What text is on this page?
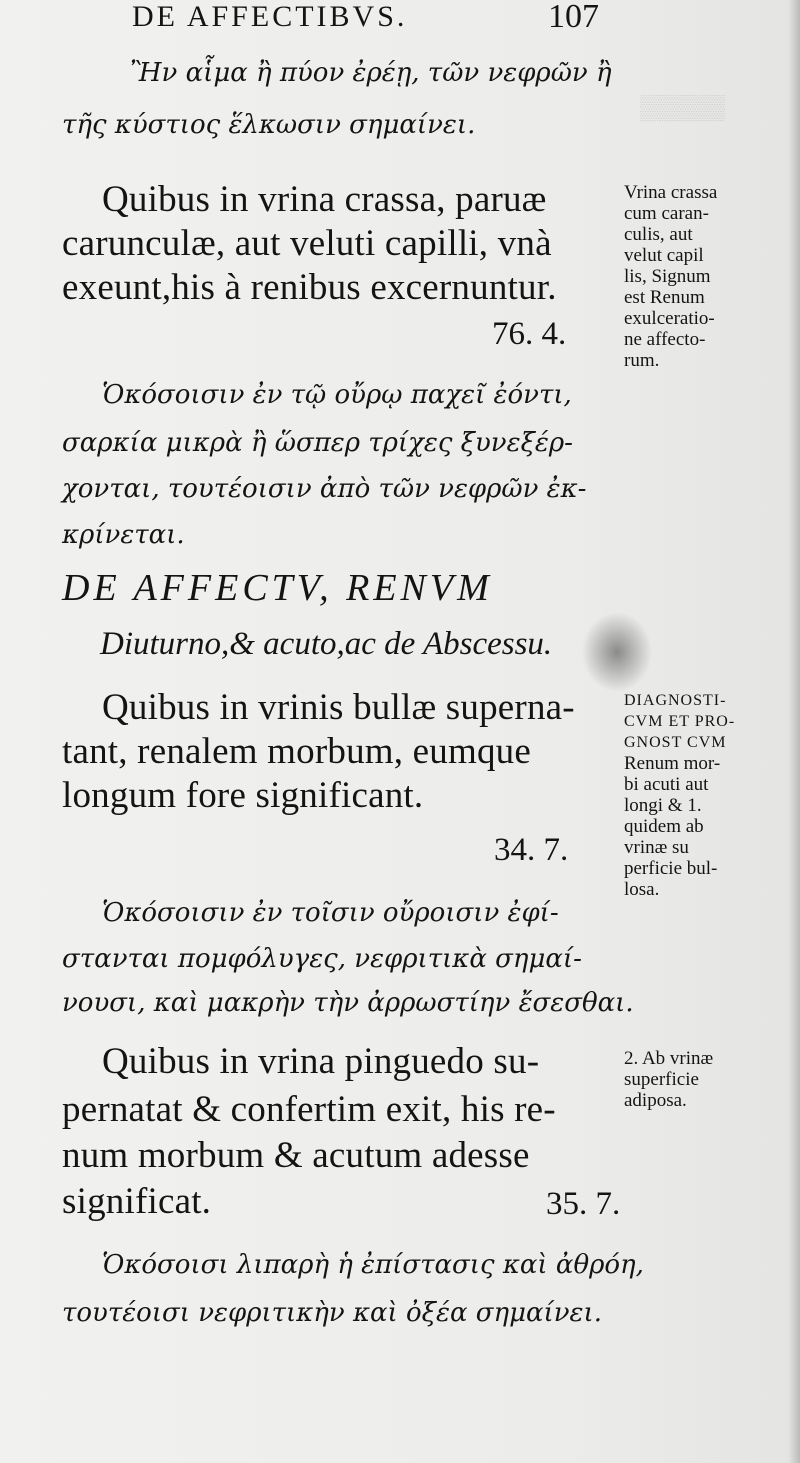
▒▒▒▒▒
DE AFFECTIBVS.	107
Ἢν αἷμα ἢ πύον ἐρέῃ, τῶν νεφρῶν ἢ
τῆς κύστιος ἕλκωσιν σημαίνει.
Quibus in vrina crassa, paruæ
carunculæ, aut veluti capilli, vnà
exeunt,his à renibus excernuntur.
76. 4.
Ὁκόσοισιν ἐν τῷ οὔρῳ παχεῖ ἐόντι,
σαρκία μικρὰ ἢ ὥσπερ τρίχες ξυνεξέρ-
χονται, τουτέοισιν ἀπὸ τῶν νεφρῶν ἐκ-
κρίνεται.
DE AFFECTV, RENVM
Diuturno,& acuto,ac de Abscessu.
Quibus in vrinis bullæ superna-
tant, renalem morbum, eumque
longum fore significant.
34. 7.
Ὁκόσοισιν ἐν τοῖσιν οὔροισιν ἐφί-
στανται πομφόλυγες, νεφριτικὰ σημαί-
νουσι, καὶ μακρὴν τὴν ἀρρωστίην ἔσεσθαι.
Quibus in vrina pinguedo su-
pernatat & confertim exit, his re-
num morbum & acutum adesse
significat.	35. 7.
Ὁκόσοισι λιπαρὴ ἡ ἐπίστασις καὶ ἀθρόη,
τουτέοισι νεφριτικὴν καὶ ὀξέα σημαίνει.
Vrina crassa
cum caran-
culis, aut
velut capil
lis, Signum
est Renum
exulceratio-
ne affecto-
rum.
DIAGNOSTI-
CVM ET PRO-
GNOST CVM
Renum mor-
bi acuti aut
longi & 1.
quidem ab
vrinæ su
perficie bul-
losa.
2. Ab vrinæ
superficie
adiposa.
